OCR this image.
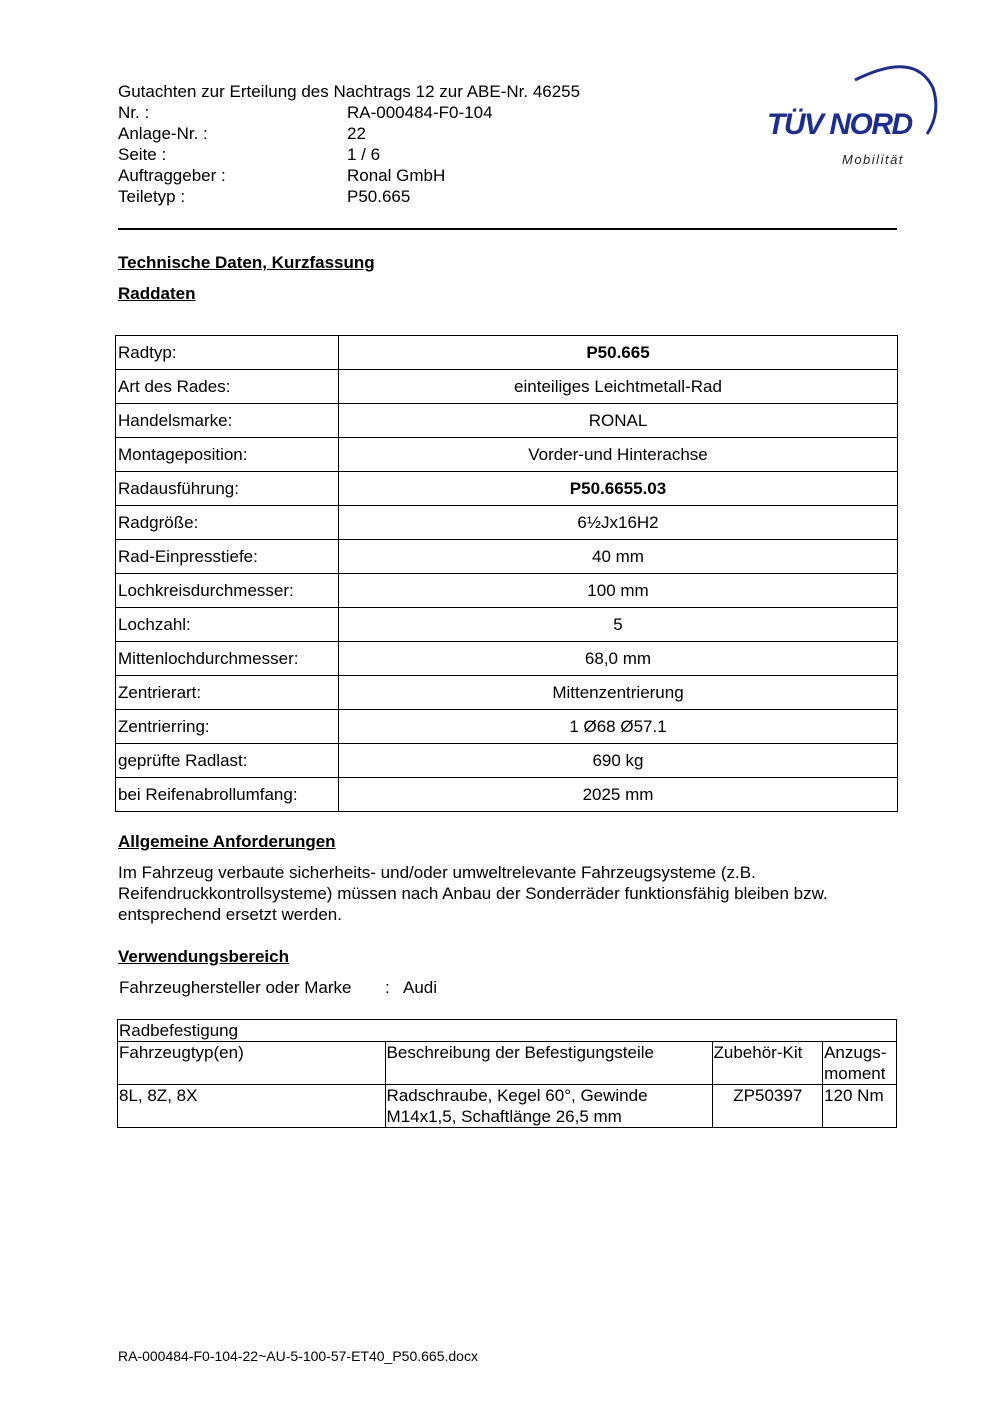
Gutachten zur Erteilung des Nachtrags 12 zur ABE-Nr. 46255
Nr. :	RA-000484-F0-104
Anlage-Nr. :	22
Seite :	1 / 6
Auftraggeber :	Ronal GmbH
Teiletyp :	P50.665
TÜV NORD
Mobilität
Technische Daten, Kurzfassung
Raddaten
Radtyp:	P50.665
Art des Rades:	einteiliges Leichtmetall-Rad
Handelsmarke:	RONAL
Montageposition:	Vorder-und Hinterachse
Radausführung:	P50.6655.03
Radgröße:	6½Jx16H2
Rad-Einpresstiefe:	40 mm
Lochkreisdurchmesser:	100 mm
Lochzahl:	5
Mittenlochdurchmesser:	68,0 mm
Zentrierart:	Mittenzentrierung
Zentrierring:	1 Ø68 Ø57.1
geprüfte Radlast:	690 kg
bei Reifenabrollumfang:	2025 mm
Allgemeine Anforderungen
Im Fahrzeug verbaute sicherheits- und/oder umweltrelevante Fahrzeugsysteme (z.B. Reifendruckkontrollsysteme) müssen nach Anbau der Sonderräder funktionsfähig bleiben bzw. entsprechend ersetzt werden.
Verwendungsbereich
Fahrzeughersteller oder Marke : Audi
Radbefestigung			
Fahrzeugtyp(en)	Beschreibung der Befestigungsteile	Zubehör-Kit	Anzugs-moment
8L, 8Z, 8X	Radschraube, Kegel 60°, Gewinde M14x1,5, Schaftlänge 26,5 mm	ZP50397	120 Nm
RA-000484-F0-104-22~AU-5-100-57-ET40_P50.665.docx
